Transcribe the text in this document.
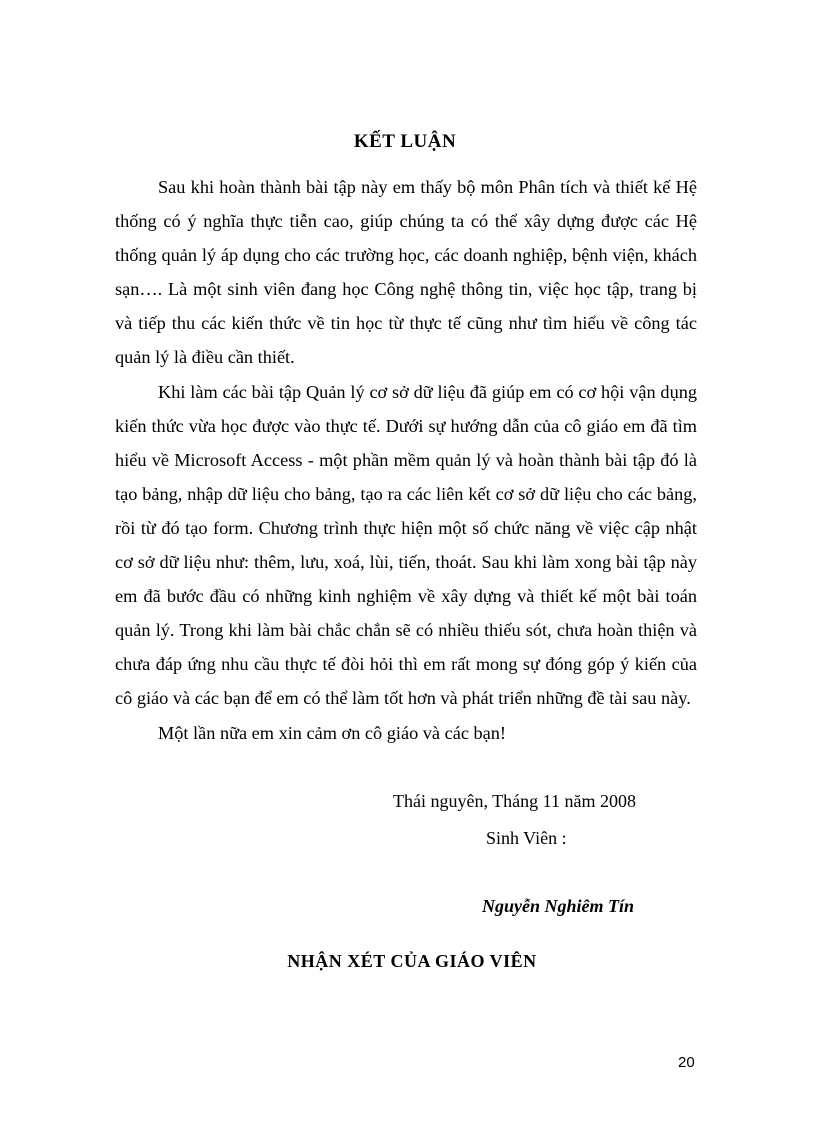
KẾT LUẬN

Sau khi hoàn thành bài tập này em thấy bộ môn Phân tích và thiết kế Hệ thống có ý nghĩa thực tiễn cao, giúp chúng ta có thể xây dựng được các Hệ thống quản lý áp dụng cho các trường học, các doanh nghiệp, bệnh viện, khách sạn…. Là một sinh viên đang học Công nghệ thông tin, việc học tập, trang bị và tiếp thu các kiến thức về tin học từ thực tế cũng như tìm hiểu về công tác quản lý là điều cần thiết.

Khi làm các bài tập Quản lý cơ sở dữ liệu đã giúp em có cơ hội vận dụng kiến thức vừa học được vào thực tế. Dưới sự hướng dẫn của cô giáo em đã tìm hiểu về Microsoft Access - một phần mềm quản lý và hoàn thành bài tập đó là tạo bảng, nhập dữ liệu cho bảng, tạo ra các liên kết cơ sở dữ liệu cho các bảng, rồi từ đó tạo form. Chương trình thực hiện một số chức năng về việc cập nhật cơ sở dữ liệu như: thêm, lưu, xoá, lùi, tiến, thoát. Sau khi làm xong bài tập này em đã bước đầu có những kinh nghiệm về xây dựng và thiết kế một bài toán quản lý. Trong khi làm bài chắc chắn sẽ có nhiều thiếu sót, chưa hoàn thiện và chưa đáp ứng nhu cầu thực tế đòi hỏi thì em rất mong sự đóng góp ý kiến của cô giáo và các bạn để em có thể làm tốt hơn và phát triển những đề tài sau này.

Một lần nữa em xin cảm ơn cô giáo và các bạn!

Thái nguyên, Tháng 11 năm 2008
Sinh Viên :
Nguyễn Nghiêm Tín
NHẬN XÉT CỦA GIÁO VIÊN
20
